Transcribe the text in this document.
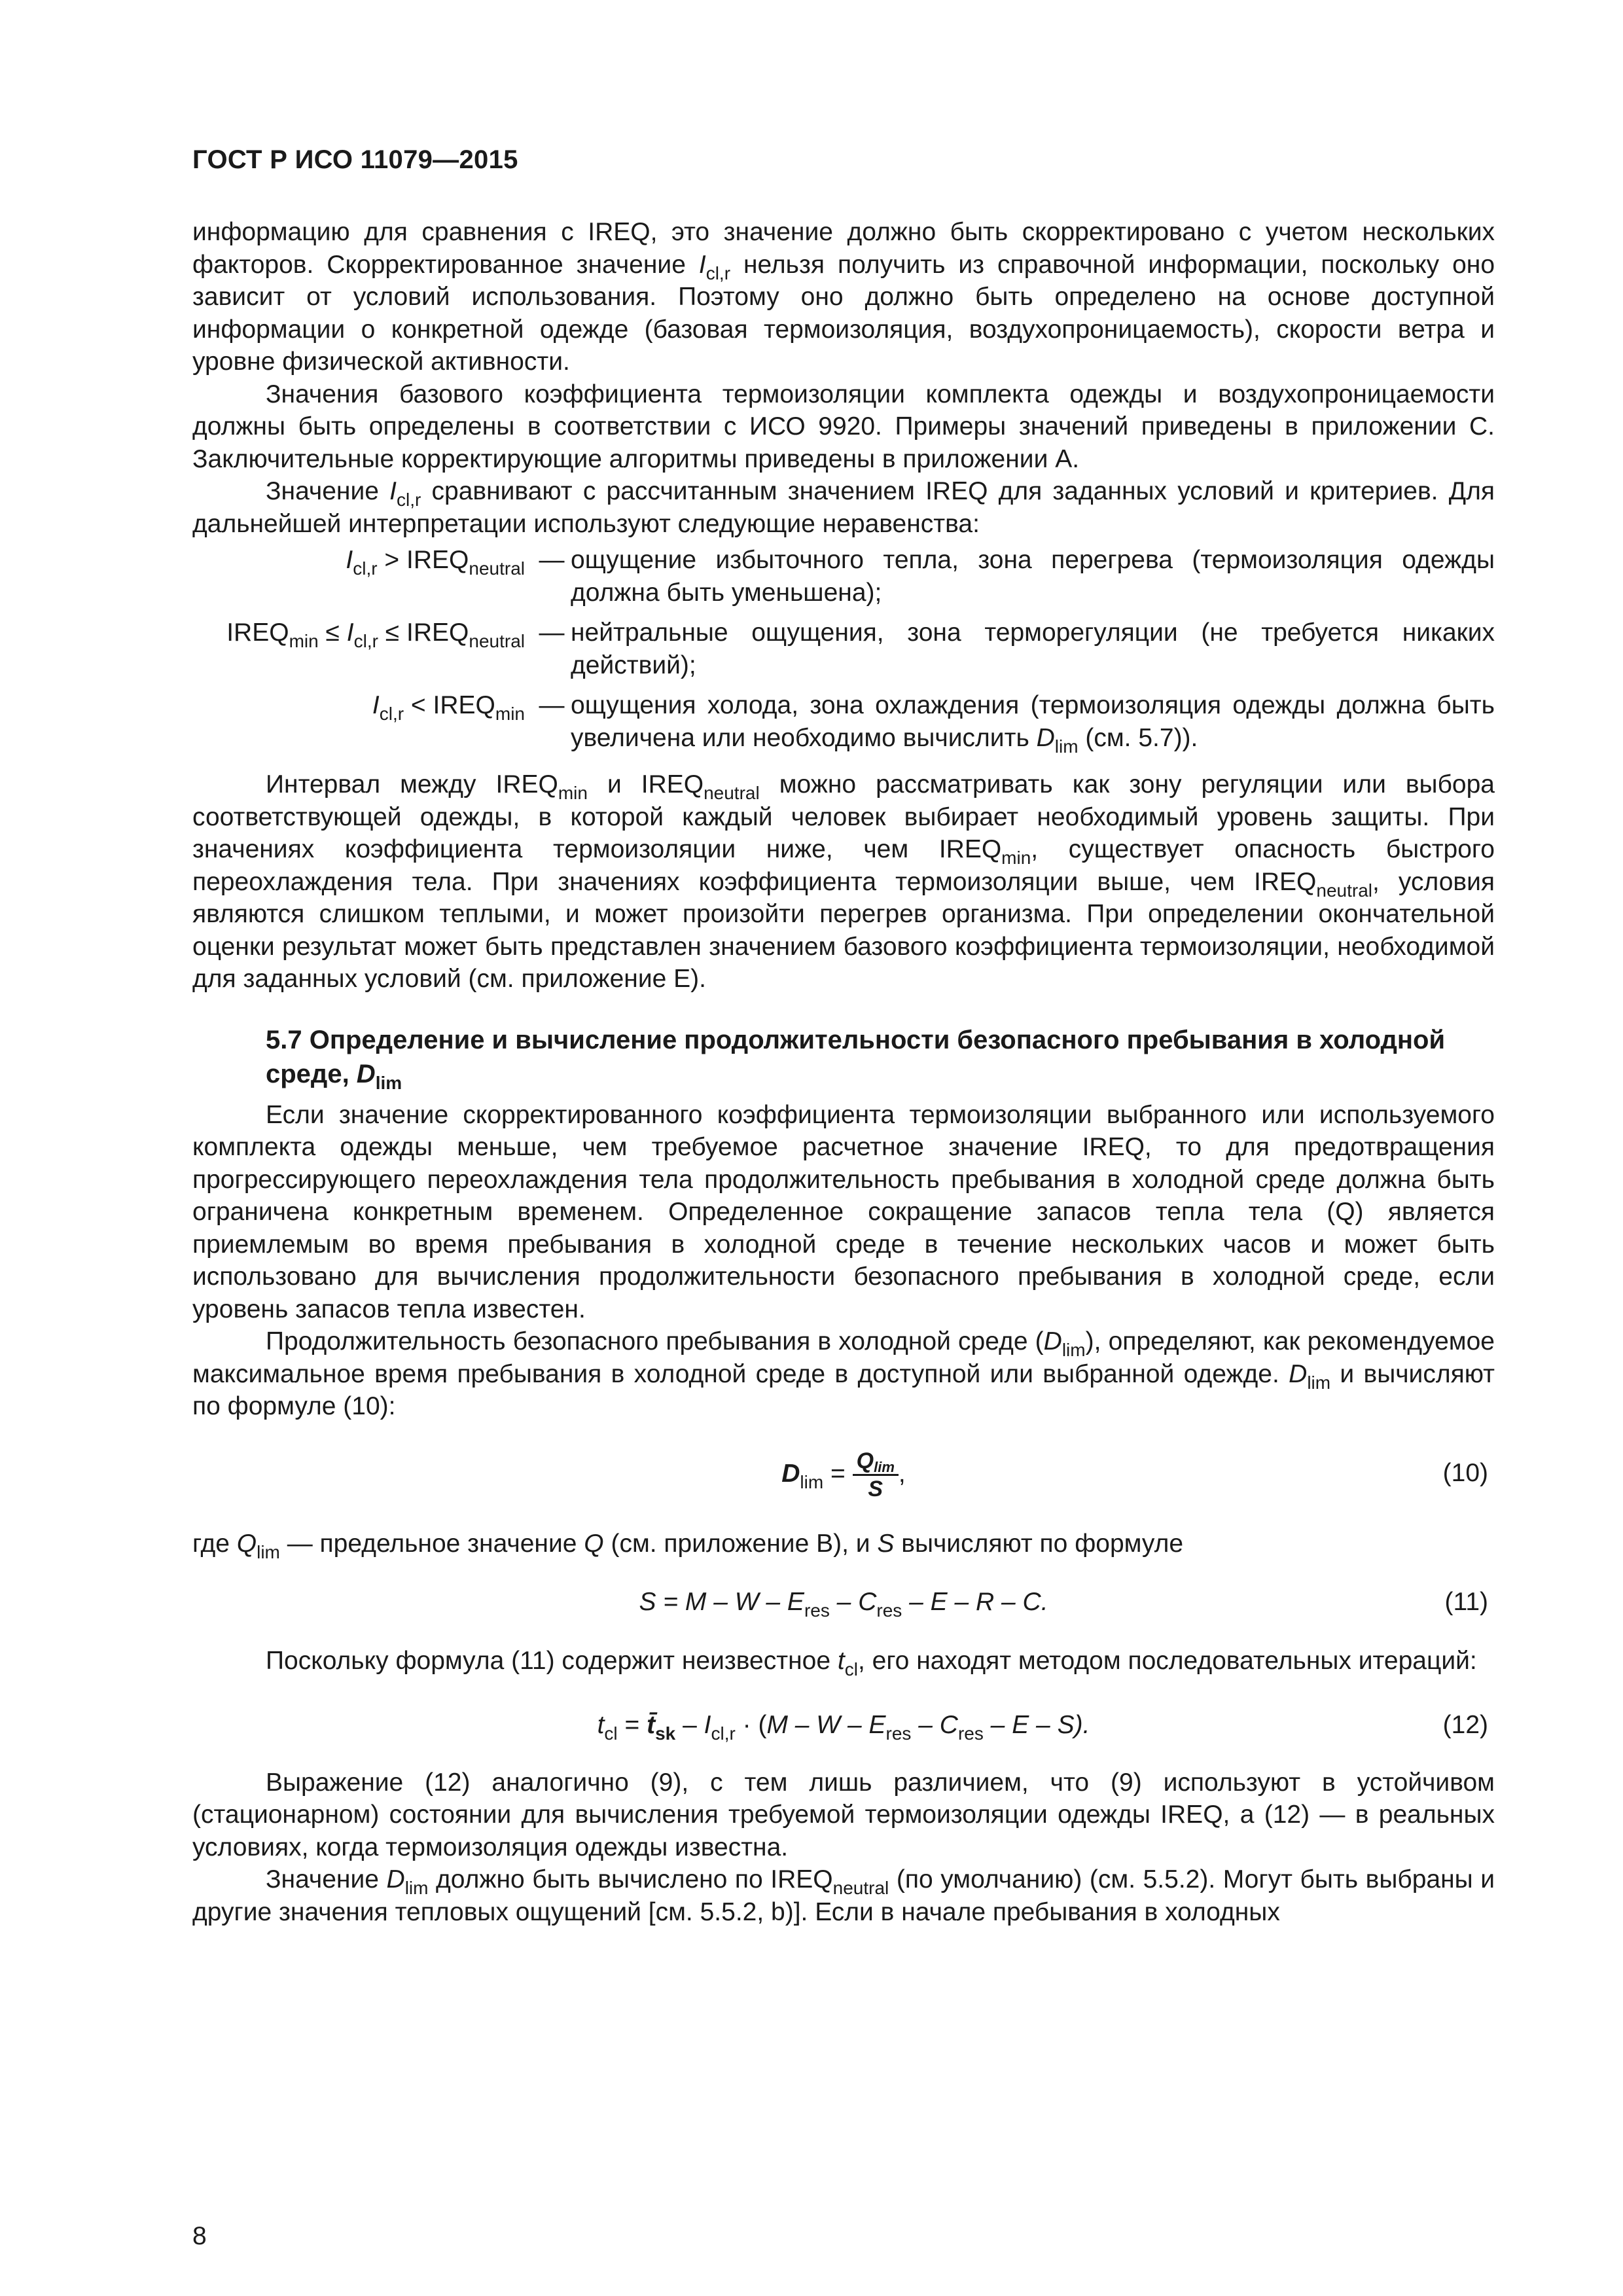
ГОСТ Р ИСО 11079—2015

информацию для сравнения с IREQ, это значение должно быть скорректировано с учетом нескольких факторов. Скорректированное значение $I_{cl,r}$ нельзя получить из справочной информации, поскольку оно зависит от условий использования. Поэтому оно должно быть определено на основе доступной информации о конкретной одежде (базовая термоизоляция, воздухопроницаемость), скорости ветра и уровне физической активности.

Значения базового коэффициента термоизоляции комплекта одежды и воздухопроницаемости должны быть определены в соответствии с ИСО 9920. Примеры значений приведены в приложении C. Заключительные корректирующие алгоритмы приведены в приложении A.

Значение $I_{cl,r}$ сравнивают с рассчитанным значением IREQ для заданных условий и критериев. Для дальнейшей интерпретации используют следующие неравенства:

$I_{cl,r}$ > $IREQ_{neutral}$ — ощущение избыточного тепла, зона перегрева (термоизоляция одежды должна быть уменьшена);
$IREQ_{min} \le I_{cl,r}$ ≤ $IREQ_{neutral}$ — нейтральные ощущения, зона терморегуляции (не требуется никаких действий);
$I_{cl,r}$ < $IREQ_{min}$ — ощущения холода, зона охлаждения (термоизоляция одежды должна быть увеличена или необходимо вычислить $D_{lim}$ (см. 5.7)).

Интервал между $IREQ_{min}$ и $IREQ_{neutral}$ можно рассматривать как зону регуляции или выбора соответствующей одежды, в которой каждый человек выбирает необходимый уровень защиты. При значениях коэффициента термоизоляции ниже, чем $IREQ_{min}$, существует опасность быстрого переохлаждения тела. При значениях коэффициента термоизоляции выше, чем $IREQ_{neutral}$, условия являются слишком теплыми, и может произойти перегрев организма. При определении окончательной оценки результат может быть представлен значением базового коэффициента термоизоляции, необходимой для заданных условий (см. приложение E).

5.7 Определение и вычисление продолжительности безопасного пребывания в холодной среде, $D_{lim}$

Если значение скорректированного коэффициента термоизоляции выбранного или используемого комплекта одежды меньше, чем требуемое расчетное значение IREQ, то для предотвращения прогрессирующего переохлаждения тела продолжительность пребывания в холодной среде должна быть ограничена конкретным временем. Определенное сокращение запасов тепла тела (Q) является приемлемым во время пребывания в холодной среде в течение нескольких часов и может быть использовано для вычисления продолжительности безопасного пребывания в холодной среде, если уровень запасов тепла известен.

Продолжительность безопасного пребывания в холодной среде $(D_{lim})$, определяют, как рекомендуемое максимальное время пребывания в холодной среде в доступной или выбранной одежде. $D_{lim}$ и вычисляют по формуле (10):

$D_{lim} = \frac{Q_{lim}}{S}$ ,	(10)

где $Q_{lim}$ — предельное значение Q (см. приложение B), и S вычисляют по формуле

$S = M - W - E_{res} - C_{res} - E - R - C$.	(11)

Поскольку формула (11) содержит неизвестное $t_{cl}$, его находят методом последовательных итераций:

$t_{cl}$ = $t̄_{sk} - I_{cl,r} \cdot (M - W - E_{res} - C_{res} - E - S)$.	(12)

Выражение (12) аналогично (9), с тем лишь различием, что (9) используют в устойчивом (стационарном) состоянии для вычисления требуемой термоизоляции одежды IREQ, а (12) — в реальных условиях, когда термоизоляция одежды известна.

Значение $D_{lim}$ должно быть вычислено по $IREQ_{neutral}$ (по умолчанию) (см. 5.5.2). Могут быть выбраны и другие значения тепловых ощущений [см. 5.5.2, b)]. Если в начале пребывания в холодных

8
